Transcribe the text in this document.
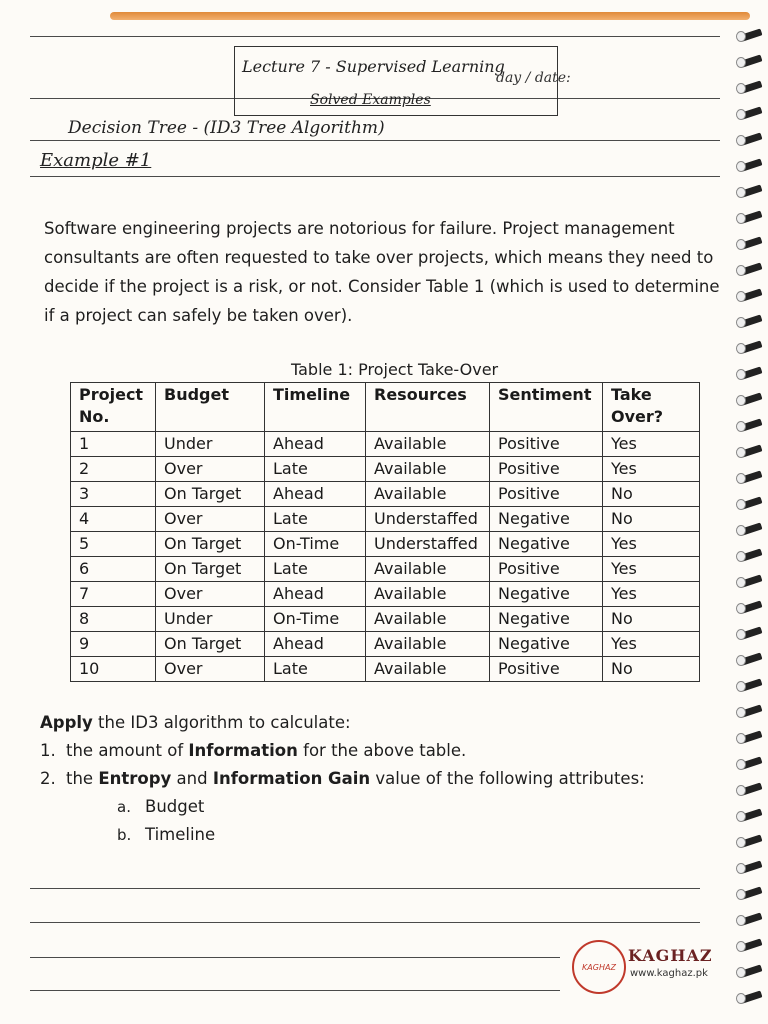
Lecture 7 - Supervised Learning
day / date:
Solved Examples
Decision Tree - (ID3 Tree Algorithm)
Example #1
Software engineering projects are notorious for failure. Project management consultants are often requested to take over projects, which means they need to decide if the project is a risk, or not. Consider Table 1 (which is used to determine if a project can safely be taken over).
Table 1: Project Take-Over
Project No.	Budget	Timeline	Resources	Sentiment	Take Over?
1	Under	Ahead	Available	Positive	Yes
2	Over	Late	Available	Positive	Yes
3	On Target	Ahead	Available	Positive	No
4	Over	Late	Understaffed	Negative	No
5	On Target	On-Time	Understaffed	Negative	Yes
6	On Target	Late	Available	Positive	Yes
7	Over	Ahead	Available	Negative	Yes
8	Under	On-Time	Available	Negative	No
9	On Target	Ahead	Available	Negative	Yes
10	Over	Late	Available	Positive	No
Apply the ID3 algorithm to calculate:
1. the amount of Information for the above table.
2. the Entropy and Information Gain value of the following attributes:
a. Budget
b. Timeline
KAGHAZ
KAGHAZ
www.kaghaz.pk
